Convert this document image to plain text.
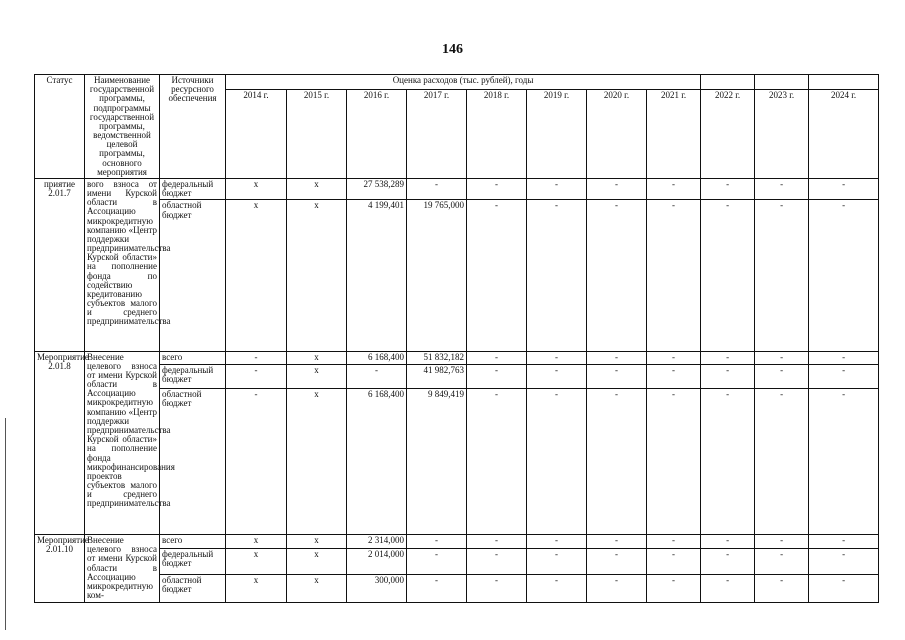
146
Статус	Наименование государственной программы, подпрограммы государственной программы, ведомственной целевой программы, основного мероприятия	Источники ресурсного обеспечения	Оценка расходов (тыс. рублей), годы										
			2014 г.	2015 г.	2016 г.	2017 г.	2018 г.	2019 г.	2020 г.	2021 г.	2022 г.	2023 г.	2024 г.
приятие 2.01.7	вого взноса от имени Курской области в Ассоциацию микрокредитную компанию «Центр поддержки предпринимательства Курской области» на пополнение фонда по содействию кредитованию субъектов малого и среднего предпринимательства	федеральный бюджет	x	x	27 538,289	-	-	-	-	-	-	-	-
		областной бюджет	x	x	4 199,401	19 765,000	-	-	-	-	-	-	-
Мероприятие 2.01.8	Внесение целевого взноса от имени Курской области в Ассоциацию микрокредитную компанию «Центр поддержки предпринимательства Курской области» на пополнение фонда микрофинансирования проектов субъектов малого и среднего предпринимательства	всего	-	x	6 168,400	51 832,182	-	-	-	-	-	-	-
		федеральный бюджет	-	x	-	41 982,763	-	-	-	-	-	-	-
		областной бюджет	-	x	6 168,400	9 849,419	-	-	-	-	-	-	-
Мероприятие 2.01.10	Внесение целевого взноса от имени Курской области в Ассоциацию микрокредитную ком-	всего	x	x	2 314,000	-	-	-	-	-	-	-	-
		федеральный бюджет	x	x	2 014,000	-	-	-	-	-	-	-	-
		областной бюджет	x	x	300,000	-	-	-	-	-	-	-	-
